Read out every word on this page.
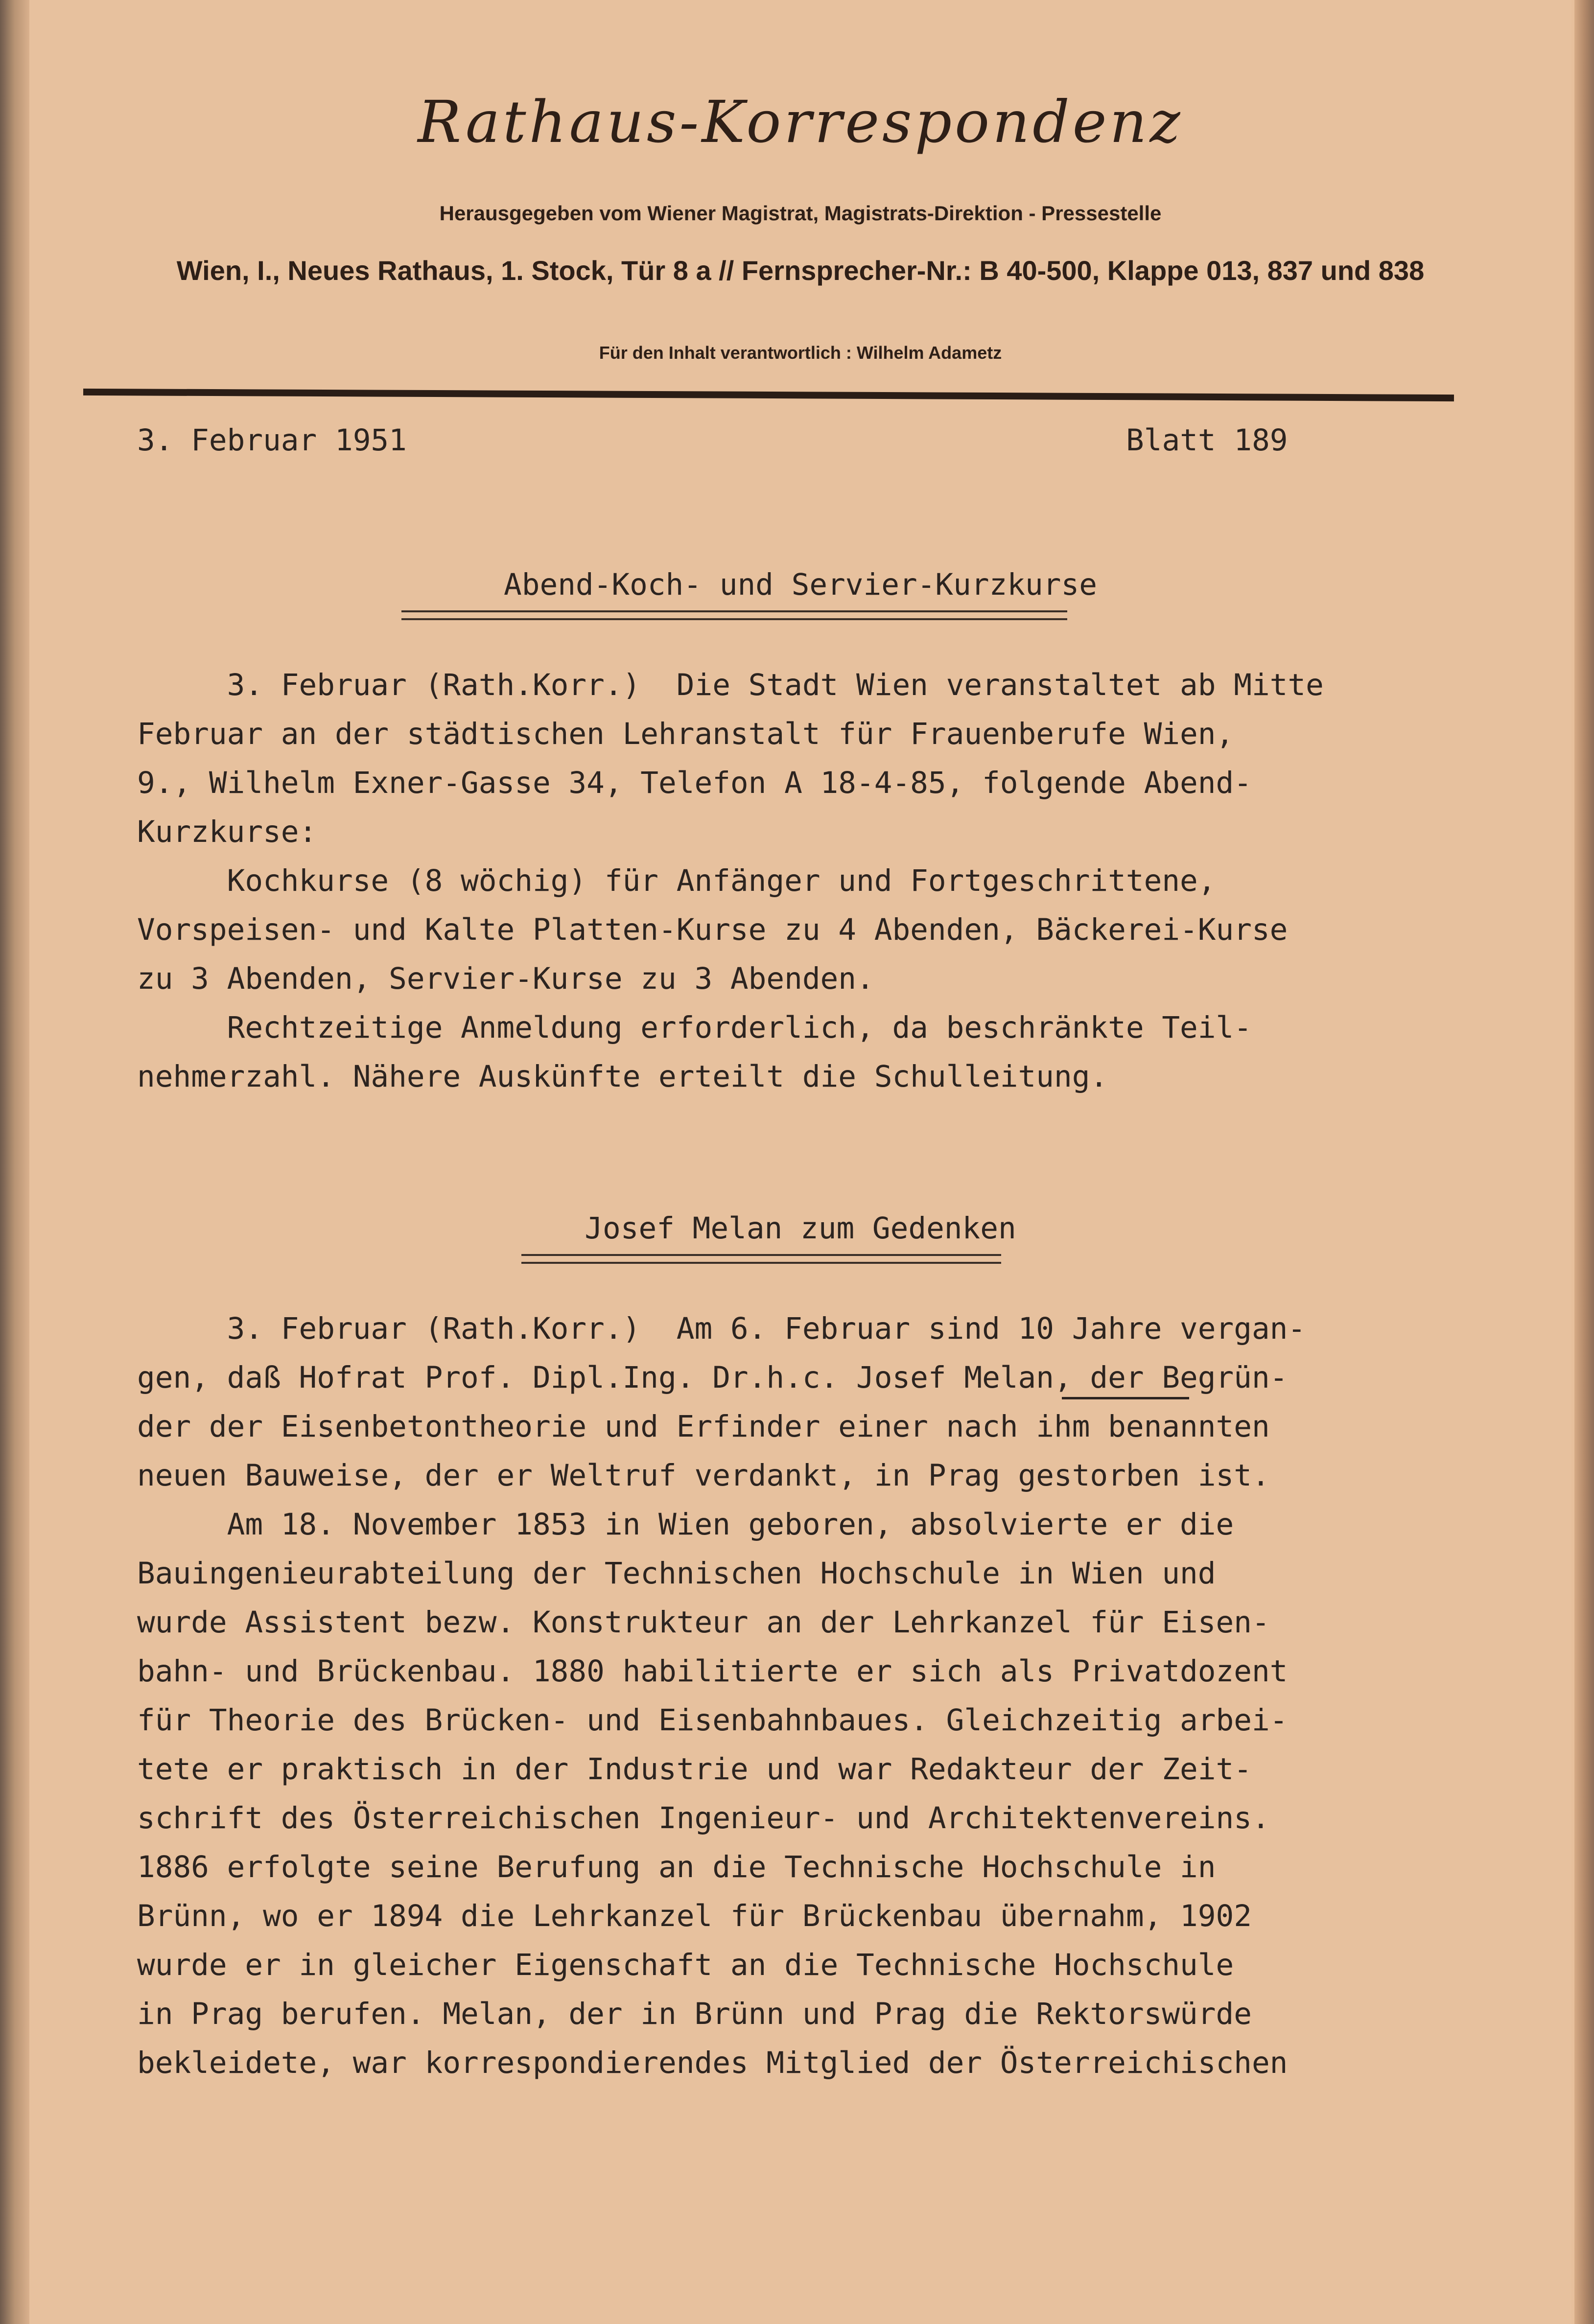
Rathaus-Korrespondenz
Herausgegeben vom Wiener Magistrat, Magistrats-Direktion - Pressestelle
Wien, I., Neues Rathaus, 1. Stock, Tür 8 a // Fernsprecher-Nr.: B 40-500, Klappe 013, 837 und 838
Für den Inhalt verantwortlich : Wilhelm Adametz
3. Februar 1951	Blatt 189
Abend-Koch- und Servier-Kurzkurse
3. Februar (Rath.Korr.)  Die Stadt Wien veranstaltet ab Mitte
Februar an der städtischen Lehranstalt für Frauenberufe Wien,
9., Wilhelm Exner-Gasse 34, Telefon A 18-4-85, folgende Abend-
Kurzkurse:
Kochkurse (8 wöchig) für Anfänger und Fortgeschrittene,
Vorspeisen- und Kalte Platten-Kurse zu 4 Abenden, Bäckerei-Kurse
zu 3 Abenden, Servier-Kurse zu 3 Abenden.
Rechtzeitige Anmeldung erforderlich, da beschränkte Teil-
nehmerzahl. Nähere Auskünfte erteilt die Schulleitung.
Josef Melan zum Gedenken
3. Februar (Rath.Korr.)  Am 6. Februar sind 10 Jahre vergan-
gen, daß Hofrat Prof. Dipl.Ing. Dr.h.c. Josef Melan, der Begrün-
der der Eisenbetontheorie und Erfinder einer nach ihm benannten
neuen Bauweise, der er Weltruf verdankt, in Prag gestorben ist.
Am 18. November 1853 in Wien geboren, absolvierte er die
Bauingenieurabteilung der Technischen Hochschule in Wien und
wurde Assistent bezw. Konstrukteur an der Lehrkanzel für Eisen-
bahn- und Brückenbau. 1880 habilitierte er sich als Privatdozent
für Theorie des Brücken- und Eisenbahnbaues. Gleichzeitig arbei-
tete er praktisch in der Industrie und war Redakteur der Zeit-
schrift des Österreichischen Ingenieur- und Architektenvereins.
1886 erfolgte seine Berufung an die Technische Hochschule in
Brünn, wo er 1894 die Lehrkanzel für Brückenbau übernahm, 1902
wurde er in gleicher Eigenschaft an die Technische Hochschule
in Prag berufen. Melan, der in Brünn und Prag die Rektorswürde
bekleidete, war korrespondierendes Mitglied der Österreichischen
